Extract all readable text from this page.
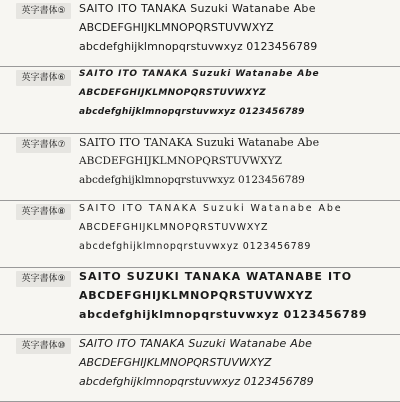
英字書体⑤	SAITO ITO TANAKA Suzuki Watanabe Abe
ABCDEFGHIJKLMNOPQRSTUVWXYZ
abcdefghijklmnopqrstuvwxyz 0123456789
英字書体⑥	SAITO ITO TANAKA Suzuki Watanabe Abe
ABCDEFGHIJKLMNOPQRSTUVWXYZ
abcdefghijklmnopqrstuvwxyz 0123456789
英字書体⑦	SAITO ITO TANAKA Suzuki Watanabe Abe
ABCDEFGHIJKLMNOPQRSTUVWXYZ
abcdefghijklmnopqrstuvwxyz 0123456789
英字書体⑧	SAITO ITO TANAKA Suzuki Watanabe Abe
ABCDEFGHIJKLMNOPQRSTUVWXYZ
abcdefghijklmnopqrstuvwxyz 0123456789
英字書体⑨	SAITO SUZUKI TANAKA WATANABE ITO
ABCDEFGHIJKLMNOPQRSTUVWXYZ
abcdefghijklmnopqrstuvwxyz 0123456789
英字書体⑩	SAITO ITO TANAKA Suzuki Watanabe Abe
ABCDEFGHIJKLMNOPQRSTUVWXYZ
abcdefghijklmnopqrstuvwxyz 0123456789
